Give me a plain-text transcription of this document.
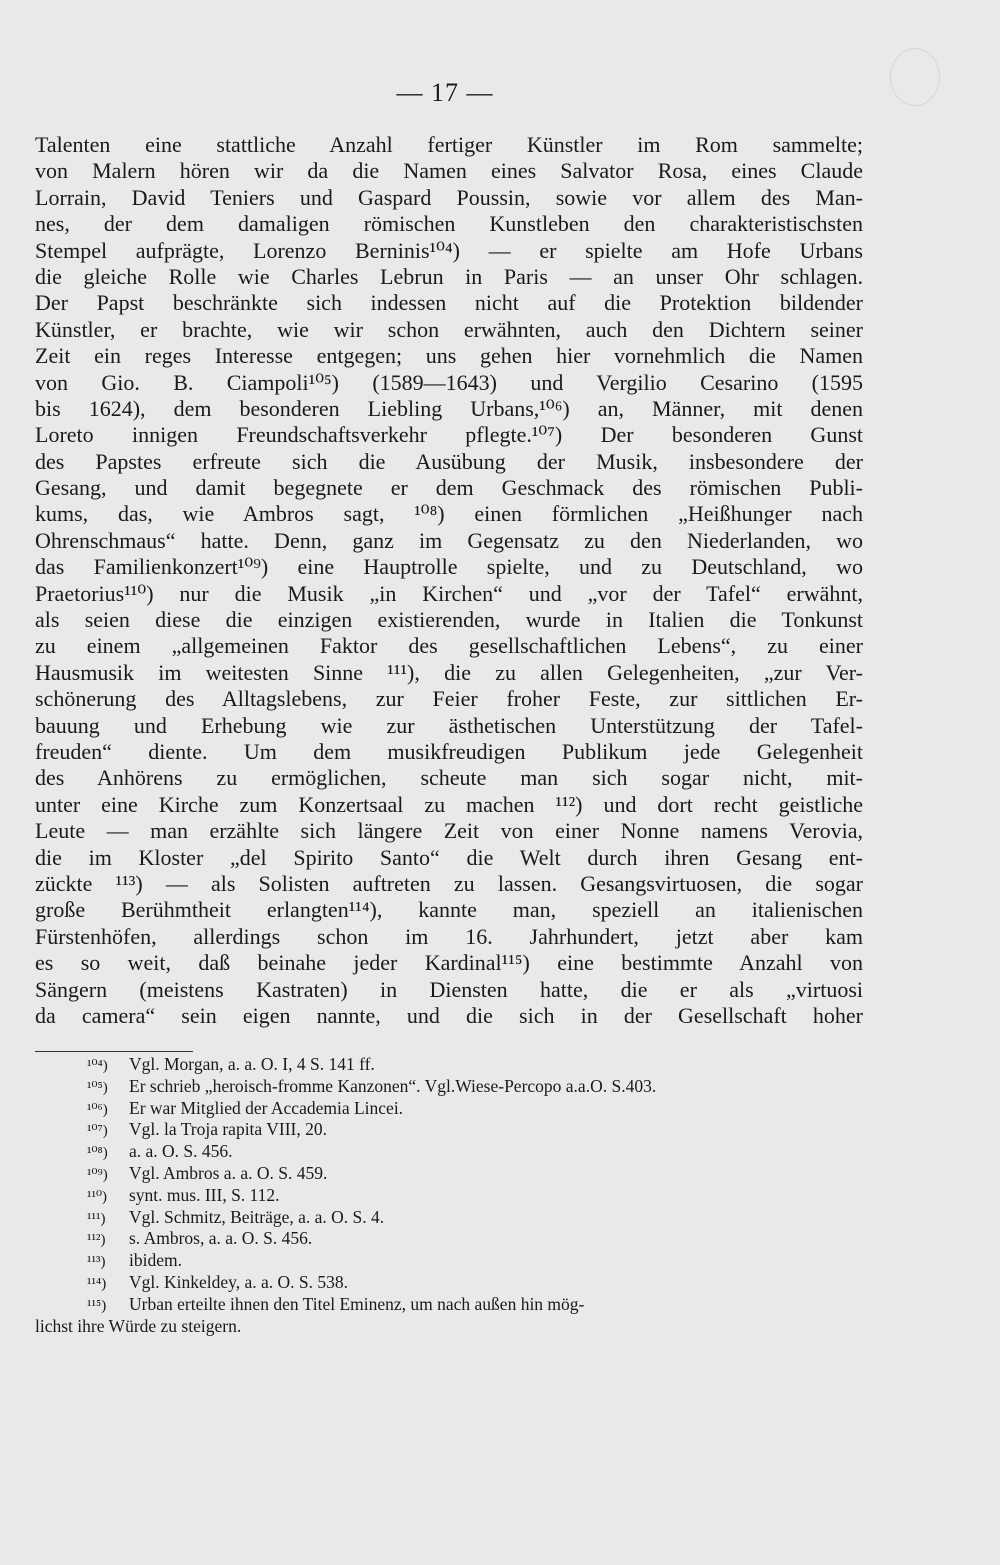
— 17 —
Talenten eine stattliche Anzahl fertiger Künstler im Rom sammelte;
von Malern hören wir da die Namen eines Salvator Rosa, eines Claude
Lorrain, David Teniers und Gaspard Poussin, sowie vor allem des Man-
nes, der dem damaligen römischen Kunstleben den charakteristischsten
Stempel aufprägte, Lorenzo Berninis¹⁰⁴) — er spielte am Hofe Urbans
die gleiche Rolle wie Charles Lebrun in Paris — an unser Ohr schlagen.
Der Papst beschränkte sich indessen nicht auf die Protektion bildender
Künstler, er brachte, wie wir schon erwähnten, auch den Dichtern seiner
Zeit ein reges Interesse entgegen; uns gehen hier vornehmlich die Namen
von Gio. B. Ciampoli¹⁰⁵) (1589—1643) und Vergilio Cesarino (1595
bis 1624), dem besonderen Liebling Urbans,¹⁰⁶) an, Männer, mit denen
Loreto innigen Freundschaftsverkehr pflegte.¹⁰⁷) Der besonderen Gunst
des Papstes erfreute sich die Ausübung der Musik, insbesondere der
Gesang, und damit begegnete er dem Geschmack des römischen Publi-
kums, das, wie Ambros sagt, ¹⁰⁸) einen förmlichen „Heißhunger nach
Ohrenschmaus“ hatte. Denn, ganz im Gegensatz zu den Niederlanden, wo
das Familienkonzert¹⁰⁹) eine Hauptrolle spielte, und zu Deutschland, wo
Praetorius¹¹⁰) nur die Musik „in Kirchen“ und „vor der Tafel“ erwähnt,
als seien diese die einzigen existierenden, wurde in Italien die Tonkunst
zu einem „allgemeinen Faktor des gesellschaftlichen Lebens“, zu einer
Hausmusik im weitesten Sinne ¹¹¹), die zu allen Gelegenheiten, „zur Ver-
schönerung des Alltagslebens, zur Feier froher Feste, zur sittlichen Er-
bauung und Erhebung wie zur ästhetischen Unterstützung der Tafel-
freuden“ diente. Um dem musikfreudigen Publikum jede Gelegenheit
des Anhörens zu ermöglichen, scheute man sich sogar nicht, mit-
unter eine Kirche zum Konzertsaal zu machen ¹¹²) und dort recht geistliche
Leute — man erzählte sich längere Zeit von einer Nonne namens Verovia,
die im Kloster „del Spirito Santo“ die Welt durch ihren Gesang ent-
zückte ¹¹³) — als Solisten auftreten zu lassen. Gesangsvirtuosen, die sogar
große Berühmtheit erlangten¹¹⁴), kannte man, speziell an italienischen
Fürstenhöfen, allerdings schon im 16. Jahrhundert, jetzt aber kam
es so weit, daß beinahe jeder Kardinal¹¹⁵) eine bestimmte Anzahl von
Sängern (meistens Kastraten) in Diensten hatte, die er als „virtuosi
da camera“ sein eigen nannte, und die sich in der Gesellschaft hoher
¹⁰⁴) Vgl. Morgan, a. a. O. I, 4 S. 141 ff.
¹⁰⁵) Er schrieb „heroisch-fromme Kanzonen“. Vgl.Wiese-Percopo a.a.O. S.403.
¹⁰⁶) Er war Mitglied der Accademia Lincei.
¹⁰⁷) Vgl. la Troja rapita VIII, 20.
¹⁰⁸) a. a. O. S. 456.
¹⁰⁹) Vgl. Ambros a. a. O. S. 459.
¹¹⁰) synt. mus. III, S. 112.
¹¹¹) Vgl. Schmitz, Beiträge, a. a. O. S. 4.
¹¹²) s. Ambros, a. a. O. S. 456.
¹¹³) ibidem.
¹¹⁴) Vgl. Kinkeldey, a. a. O. S. 538.
¹¹⁵) Urban erteilte ihnen den Titel Eminenz, um nach außen hin mög-
lichst ihre Würde zu steigern.
